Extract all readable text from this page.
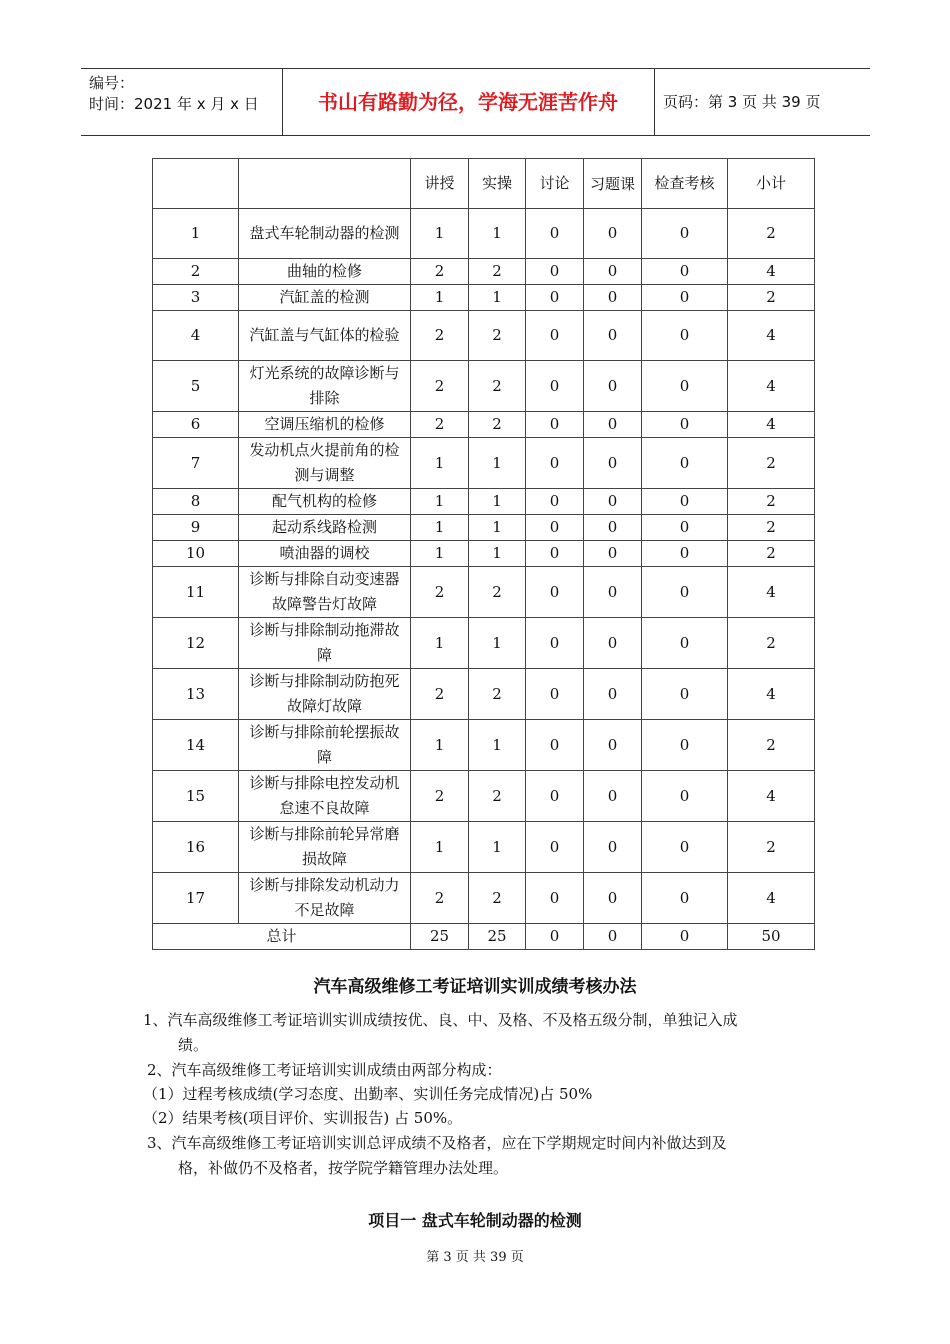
编号：
时间：2021 年 x 月 x 日	书山有路勤为径，学海无涯苦作舟	页码：第 3 页 共 39 页
		讲授	实操	讨论	习题课	检查考核	小计
1	盘式车轮制动器的检测	1	1	0	0	0	2
2	曲轴的检修	2	2	0	0	0	4
3	汽缸盖的检测	1	1	0	0	0	2
4	汽缸盖与气缸体的检验	2	2	0	0	0	4
5	灯光系统的故障诊断与排除	2	2	0	0	0	4
6	空调压缩机的检修	2	2	0	0	0	4
7	发动机点火提前角的检测与调整	1	1	0	0	0	2
8	配气机构的检修	1	1	0	0	0	2
9	起动系线路检测	1	1	0	0	0	2
10	喷油器的调校	1	1	0	0	0	2
11	诊断与排除自动变速器故障警告灯故障	2	2	0	0	0	4
12	诊断与排除制动拖滞故障	1	1	0	0	0	2
13	诊断与排除制动防抱死故障灯故障	2	2	0	0	0	4
14	诊断与排除前轮摆振故障	1	1	0	0	0	2
15	诊断与排除电控发动机怠速不良故障	2	2	0	0	0	4
16	诊断与排除前轮异常磨损故障	1	1	0	0	0	2
17	诊断与排除发动机动力不足故障	2	2	0	0	0	4
总计		25	25	0	0	0	50
汽车高级维修工考证培训实训成绩考核办法
1、汽车高级维修工考证培训实训成绩按优、良、中、及格、不及格五级分制，单独记入成
绩。
2、汽车高级维修工考证培训实训成绩由两部分构成：
（1）过程考核成绩(学习态度、出勤率、实训任务完成情况)占 50%
（2）结果考核(项目评价、实训报告) 占 50%。
3、汽车高级维修工考证培训实训总评成绩不及格者，应在下学期规定时间内补做达到及
格，补做仍不及格者，按学院学籍管理办法处理。
项目一 盘式车轮制动器的检测
第 3 页 共 39 页
